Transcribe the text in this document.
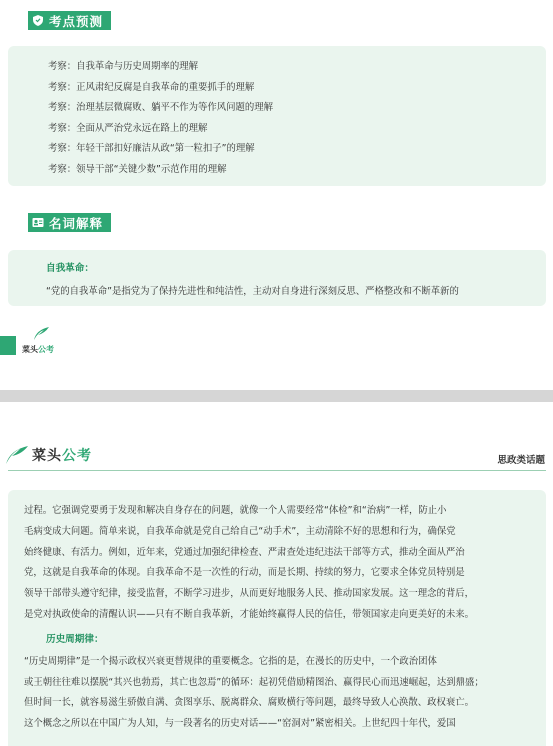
考点预测
考察：自我革命与历史周期率的理解
考察：正风肃纪反腐是自我革命的重要抓手的理解
考察：治理基层微腐败、躺平不作为等作风问题的理解
考察：全面从严治党永远在路上的理解
考察：年轻干部扣好廉洁从政“第一粒扣子”的理解
考察：领导干部“关键少数”示范作用的理解
名词解释
自我革命：
“党的自我革命”是指党为了保持先进性和纯洁性，主动对自身进行深刻反思、严格整改和不断革新的
菜头公考
菜头公考	思政类话题
过程。它强调党要勇于发现和解决自身存在的问题，就像一个人需要经常“体检”和“治病”一样，防止小
毛病变成大问题。简单来说，自我革命就是党自己给自己“动手术”，主动清除不好的思想和行为，确保党
始终健康、有活力。例如，近年来，党通过加强纪律检查、严肃查处违纪违法干部等方式，推动全面从严治
党，这就是自我革命的体现。自我革命不是一次性的行动，而是长期、持续的努力，它要求全体党员特别是
领导干部带头遵守纪律，接受监督，不断学习进步，从而更好地服务人民、推动国家发展。这一理念的背后，
是党对执政使命的清醒认识——只有不断自我革新，才能始终赢得人民的信任，带领国家走向更美好的未来。
历史周期律：
“历史周期律”是一个揭示政权兴衰更替规律的重要概念。它指的是，在漫长的历史中，一个政治团体
或王朝往往难以摆脱“其兴也勃焉，其亡也忽焉”的循环：起初凭借励精图治、赢得民心而迅速崛起，达到鼎盛；
但时间一长，就容易滋生骄傲自满、贪图享乐、脱离群众、腐败横行等问题，最终导致人心涣散、政权衰亡。
这个概念之所以在中国广为人知，与一段著名的历史对话——“窑洞对”紧密相关。上世纪四十年代，爱国
